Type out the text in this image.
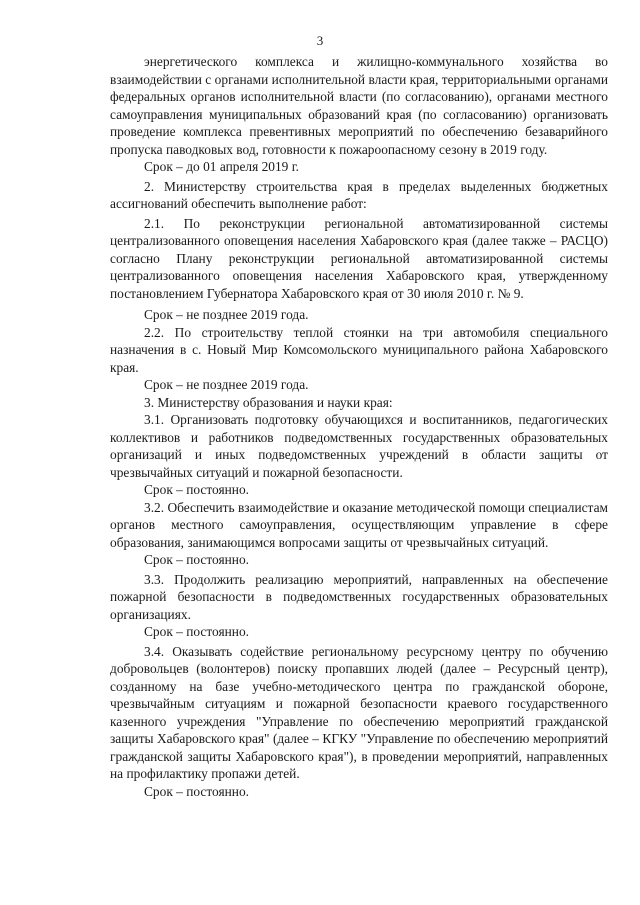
3

энергетического комплекса и жилищно-коммунального хозяйства во взаимодействии с органами исполнительной власти края, территориальными органами федеральных органов исполнительной власти (по согласованию), органами местного самоуправления муниципальных образований края (по согласованию) организовать проведение комплекса превентивных мероприятий по обеспечению безаварийного пропуска паводковых вод, готовности к пожароопасному сезону в 2019 году.

Срок – до 01 апреля 2019 г.

2. Министерству строительства края в пределах выделенных бюджетных ассигнований обеспечить выполнение работ:

2.1. По реконструкции региональной автоматизированной системы централизованного оповещения населения Хабаровского края (далее также – РАСЦО) согласно Плану реконструкции региональной автоматизированной системы централизованного оповещения населения Хабаровского края, утвержденному постановлением Губернатора Хабаровского края от 30 июля 2010 г. № 9.

Срок – не позднее 2019 года.

2.2. По строительству теплой стоянки на три автомобиля специального назначения в с. Новый Мир Комсомольского муниципального района Хабаровского края.

Срок – не позднее 2019 года.

3. Министерству образования и науки края:

3.1. Организовать подготовку обучающихся и воспитанников, педагогических коллективов и работников подведомственных государственных образовательных организаций и иных подведомственных учреждений в области защиты от чрезвычайных ситуаций и пожарной безопасности.

Срок – постоянно.

3.2. Обеспечить взаимодействие и оказание методической помощи специалистам органов местного самоуправления, осуществляющим управление в сфере образования, занимающимся вопросами защиты от чрезвычайных ситуаций.

Срок – постоянно.

3.3. Продолжить реализацию мероприятий, направленных на обеспечение пожарной безопасности в подведомственных государственных образовательных организациях.

Срок – постоянно.

3.4. Оказывать содействие региональному ресурсному центру по обучению добровольцев (волонтеров) поиску пропавших людей (далее – Ресурсный центр), созданному на базе учебно-методического центра по гражданской обороне, чрезвычайным ситуациям и пожарной безопасности краевого государственного казенного учреждения "Управление по обеспечению мероприятий гражданской защиты Хабаровского края" (далее – КГКУ "Управление по обеспечению мероприятий гражданской защиты Хабаровского края"), в проведении мероприятий, направленных на профилактику пропажи детей.

Срок – постоянно.
